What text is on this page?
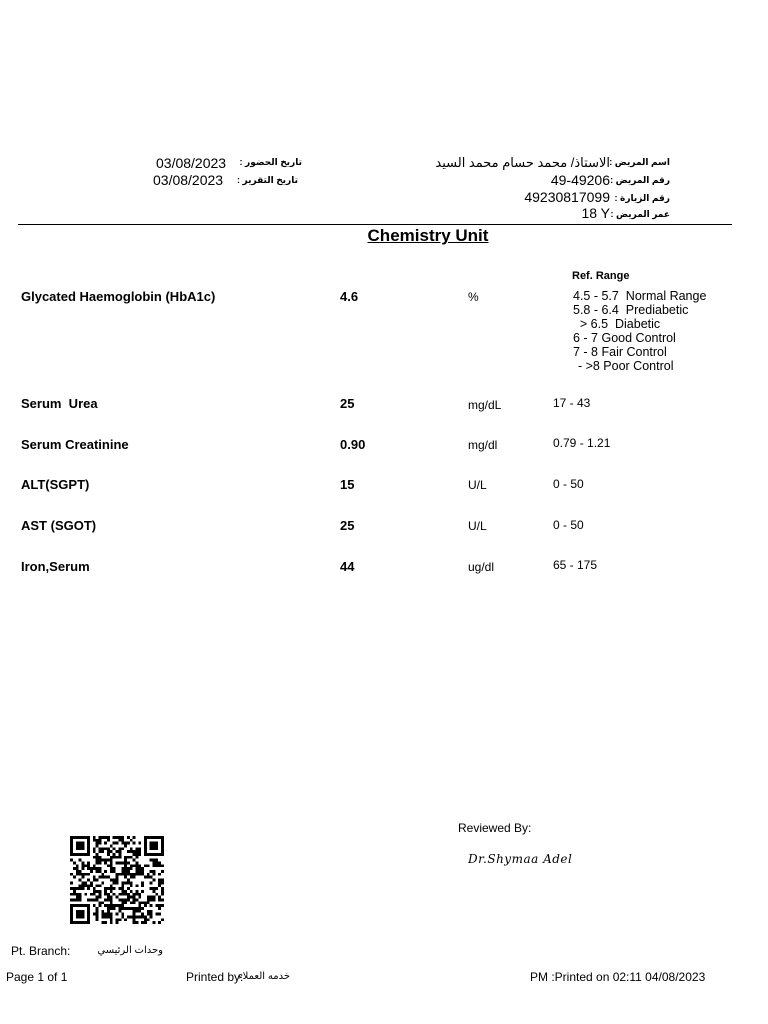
03/08/2023 تاريخ الحضور :
03/08/2023 تاريخ التقرير :
اسم المريض :
الاستاذ/ محمد حسام محمد السيد
رقم المريض :
49-49206
رقم الزيارة :
49230817099
عمر المريض :
18 Y
Chemistry Unit
Ref. Range
Glycated Haemoglobin (HbA1c)	4.6	%	4.5 - 5.7  Normal Range
5.8 - 6.4  Prediabetic
> 6.5  Diabetic
6 - 7 Good Control
7 - 8 Fair Control
- >8 Poor Control
Serum  Urea	25	mg/dL	17 - 43
Serum Creatinine	0.90	mg/dl	0.79 - 1.21
ALT(SGPT)	15	U/L	0 - 50
AST (SGOT)	25	U/L	0 - 50
Iron,Serum	44	ug/dl	65 - 175
Reviewed By:
Dr.Shymaa Adel
Pt. Branch:	وحدات الرئيسي
Page 1 of 1	Printed by:
خدمه العملاء	PM :Printed on 02:11 04/08/2023
